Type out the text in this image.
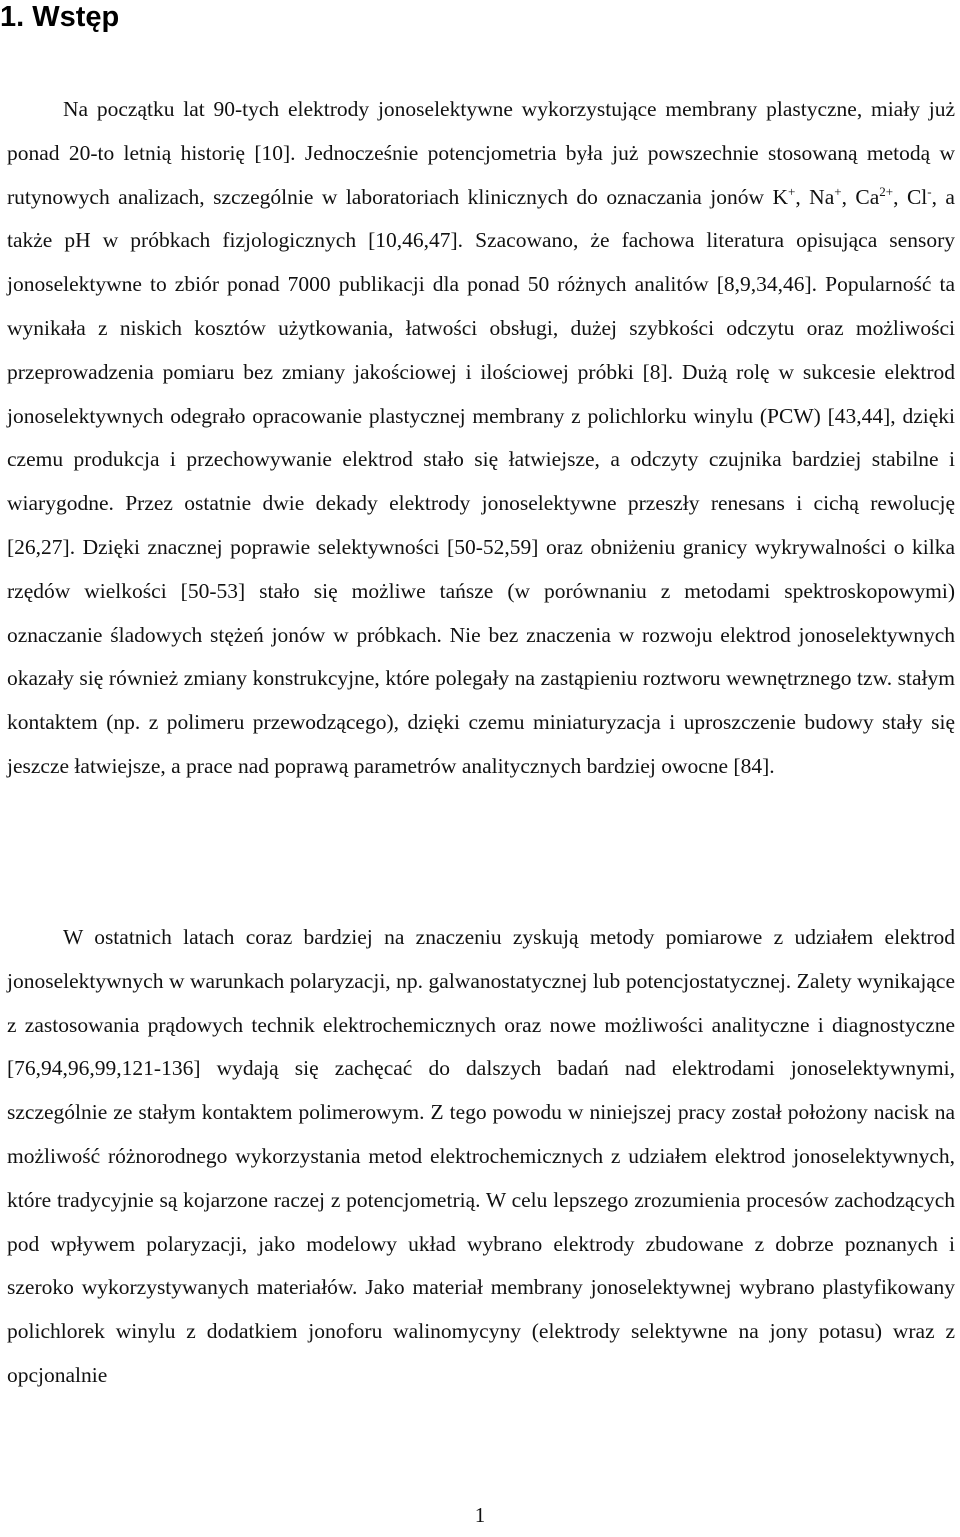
1. Wstęp

Na początku lat 90-tych elektrody jonoselektywne wykorzystujące membrany plastyczne, miały już ponad 20-to letnią historię [10]. Jednocześnie potencjometria była już powszechnie stosowaną metodą w rutynowych analizach, szczególnie w laboratoriach klinicznych do oznaczania jonów K+, Na+, $Ca^{2+}$, Cl-, a także pH w próbkach fizjologicznych [10,46,47]. Szacowano, że fachowa literatura opisująca sensory jonoselektywne to zbiór ponad 7000 publikacji dla ponad 50 różnych analitów [8,9,34,46]. Popularność ta wynikała z niskich kosztów użytkowania, łatwości obsługi, dużej szybkości odczytu oraz możliwości przeprowadzenia pomiaru bez zmiany jakościowej i ilościowej próbki [8]. Dużą rolę w sukcesie elektrod jonoselektywnych odegrało opracowanie plastycznej membrany z polichlorku winylu (PCW) [43,44], dzięki czemu produkcja i przechowywanie elektrod stało się łatwiejsze, a odczyty czujnika bardziej stabilne i wiarygodne. Przez ostatnie dwie dekady elektrody jonoselektywne przeszły renesans i cichą rewolucję [26,27]. Dzięki znacznej poprawie selektywności [50-52,59] oraz obniżeniu granicy wykrywalności o kilka rzędów wielkości [50-53] stało się możliwe tańsze (w porównaniu z metodami spektroskopowymi) oznaczanie śladowych stężeń jonów w próbkach. Nie bez znaczenia w rozwoju elektrod jonoselektywnych okazały się również zmiany konstrukcyjne, które polegały na zastąpieniu roztworu wewnętrznego tzw. stałym kontaktem (np. z polimeru przewodzącego), dzięki czemu miniaturyzacja i uproszczenie budowy stały się jeszcze łatwiejsze, a prace nad poprawą parametrów analitycznych bardziej owocne [84].

W ostatnich latach coraz bardziej na znaczeniu zyskują metody pomiarowe z udziałem elektrod jonoselektywnych w warunkach polaryzacji, np. galwanostatycznej lub potencjostatycznej. Zalety wynikające z zastosowania prądowych technik elektrochemicznych oraz nowe możliwości analityczne i diagnostyczne [76,94,96,99,121-136] wydają się zachęcać do dalszych badań nad elektrodami jonoselektywnymi, szczególnie ze stałym kontaktem polimerowym. Z tego powodu w niniejszej pracy został położony nacisk na możliwość różnorodnego wykorzystania metod elektrochemicznych z udziałem elektrod jonoselektywnych, które tradycyjnie są kojarzone raczej z potencjometrią. W celu lepszego zrozumienia procesów zachodzących pod wpływem polaryzacji, jako modelowy układ wybrano elektrody zbudowane z dobrze poznanych i szeroko wykorzystywanych materiałów. Jako materiał membrany jonoselektywnej wybrano plastyfikowany polichlorek winylu z dodatkiem jonoforu walinomycyny (elektrody selektywne na jony potasu) wraz z opcjonalnie

1
